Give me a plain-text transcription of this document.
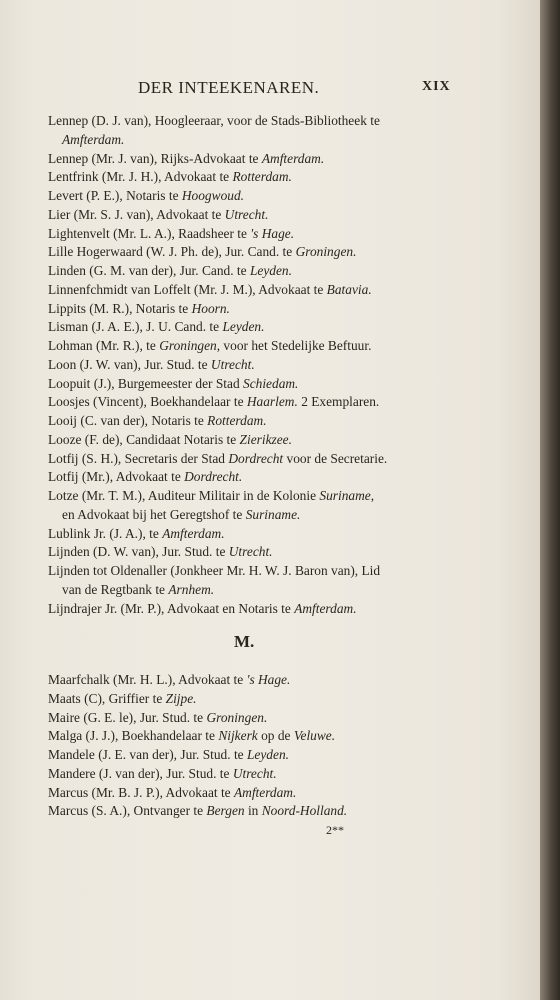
DER INTEEKENAREN.	XIX
Lennep (D. J. van), Hoogleeraar, voor de Stads-Bibliotheek te
Amfterdam.
Lennep (Mr. J. van), Rijks-Advokaat te Amfterdam.
Lentfrink (Mr. J. H.), Advokaat te Rotterdam.
Levert (P. E.), Notaris te Hoogwoud.
Lier (Mr. S. J. van), Advokaat te Utrecht.
Lightenvelt (Mr. L. A.), Raadsheer te 's Hage.
Lille Hogerwaard (W. J. Ph. de), Jur. Cand. te Groningen.
Linden (G. M. van der), Jur. Cand. te Leyden.
Linnenfchmidt van Loffelt (Mr. J. M.), Advokaat te Batavia.
Lippits (M. R.), Notaris te Hoorn.
Lisman (J. A. E.), J. U. Cand. te Leyden.
Lohman (Mr. R.), te Groningen, voor het Stedelijke Beftuur.
Loon (J. W. van), Jur. Stud. te Utrecht.
Loopuit (J.), Burgemeester der Stad Schiedam.
Loosjes (Vincent), Boekhandelaar te Haarlem. 2 Exemplaren.
Looij (C. van der), Notaris te Rotterdam.
Looze (F. de), Candidaat Notaris te Zierikzee.
Lotfij (S. H.), Secretaris der Stad Dordrecht voor de Secretarie.
Lotfij (Mr.), Advokaat te Dordrecht.
Lotze (Mr. T. M.), Auditeur Militair in de Kolonie Suriname,
en Advokaat bij het Geregtshof te Suriname.
Lublink Jr. (J. A.), te Amfterdam.
Lijnden (D. W. van), Jur. Stud. te Utrecht.
Lijnden tot Oldenaller (Jonkheer Mr. H. W. J. Baron van), Lid
van de Regtbank te Arnhem.
Lijndrajer Jr. (Mr. P.), Advokaat en Notaris te Amfterdam.
M.
Maarfchalk (Mr. H. L.), Advokaat te 's Hage.
Maats (C), Griffier te Zijpe.
Maire (G. E. le), Jur. Stud. te Groningen.
Malga (J. J.), Boekhandelaar te Nijkerk op de Veluwe.
Mandele (J. E. van der), Jur. Stud. te Leyden.
Mandere (J. van der), Jur. Stud. te Utrecht.
Marcus (Mr. B. J. P.), Advokaat te Amfterdam.
Marcus (S. A.), Ontvanger te Bergen in Noord-Holland.
2**
